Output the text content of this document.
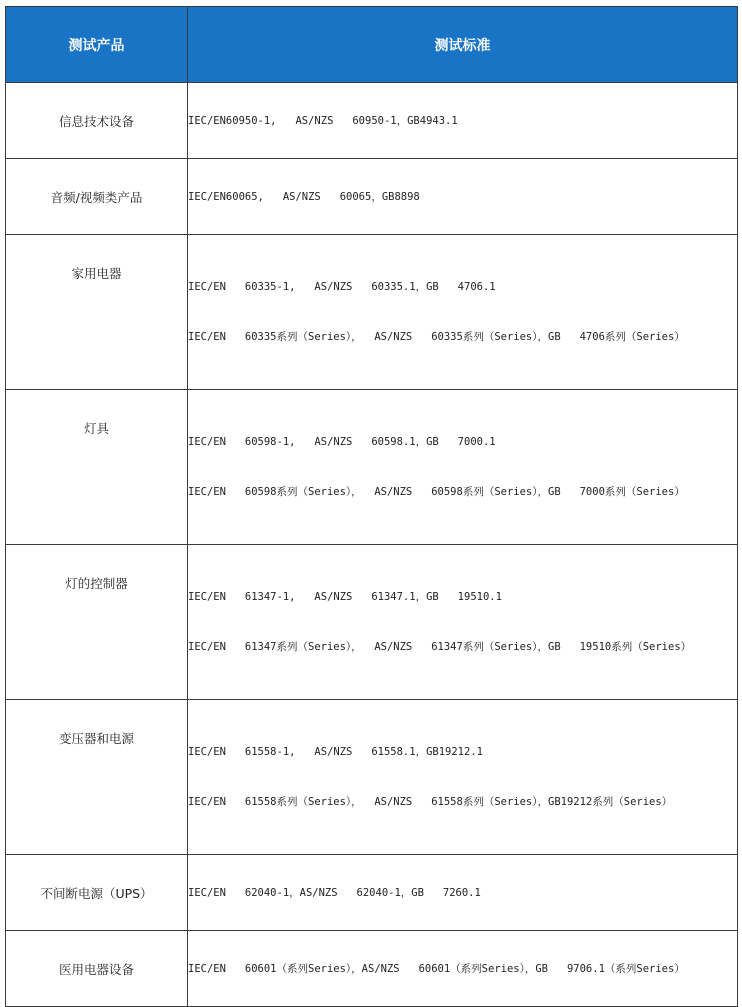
测试产品	测试标准
信息技术设备	IEC/EN60950-1,   AS/NZS   60950-1，GB4943.1

音频/视频类产品	IEC/EN60065,   AS/NZS   60065，GB8898

家用电器	IEC/EN   60335-1,   AS/NZS   60335.1，GB   4706.1
IEC/EN   60335系列（Series），  AS/NZS   60335系列（Series），GB   4706系列（Series）

灯具	IEC/EN   60598-1,   AS/NZS   60598.1，GB   7000.1
IEC/EN   60598系列（Series），  AS/NZS   60598系列（Series），GB   7000系列（Series）

灯的控制器	IEC/EN   61347-1,   AS/NZS   61347.1，GB   19510.1
IEC/EN   61347系列（Series），  AS/NZS   61347系列（Series），GB   19510系列（Series）

变压器和电源	IEC/EN   61558-1,   AS/NZS   61558.1，GB19212.1
IEC/EN   61558系列（Series），  AS/NZS   61558系列（Series），GB19212系列（Series）

不间断电源（UPS）	IEC/EN   62040-1，AS/NZS   62040-1，GB   7260.1

医用电器设备	IEC/EN   60601（系列Series），AS/NZS   60601（系列Series），GB   9706.1（系列Series）
